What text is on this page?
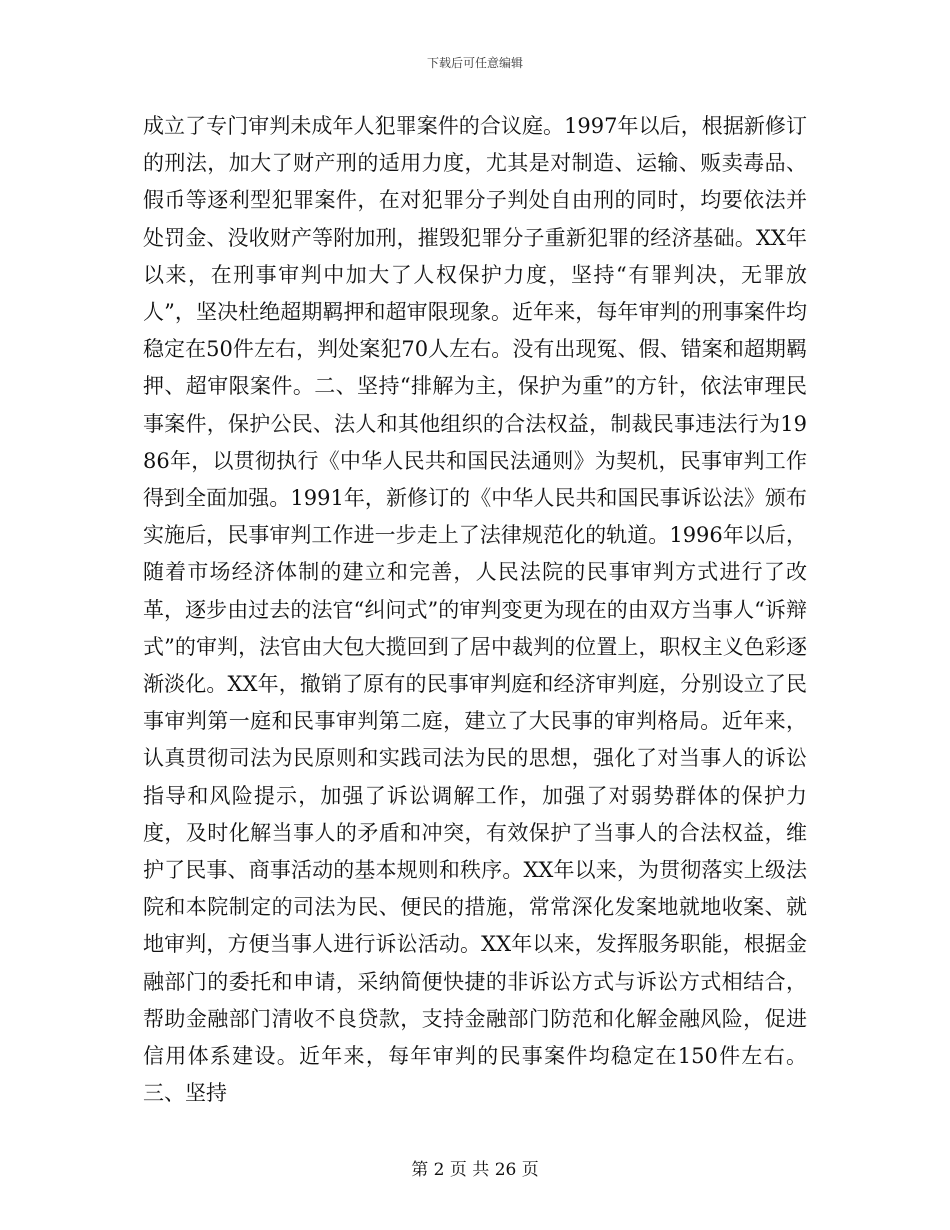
下载后可任意编辑

成立了专门审判未成年人犯罪案件的合议庭。1997年以后，根据新修订的刑法，加大了财产刑的适用力度，尤其是对制造、运输、贩卖毒品、假币等逐利型犯罪案件，在对犯罪分子判处自由刑的同时，均要依法并处罚金、没收财产等附加刑，摧毁犯罪分子重新犯罪的经济基础。XX年以来，在刑事审判中加大了人权保护力度，坚持“有罪判决，无罪放人”，坚决杜绝超期羁押和超审限现象。近年来，每年审判的刑事案件均稳定在50件左右，判处案犯70人左右。没有出现冤、假、错案和超期羁押、超审限案件。二、坚持“排解为主，保护为重”的方针，依法审理民事案件，保护公民、法人和其他组织的合法权益，制裁民事违法行为1986年，以贯彻执行《中华人民共和国民法通则》为契机，民事审判工作得到全面加强。1991年，新修订的《中华人民共和国民事诉讼法》颁布实施后，民事审判工作进一步走上了法律规范化的轨道。1996年以后，随着市场经济体制的建立和完善，人民法院的民事审判方式进行了改革，逐步由过去的法官“纠问式”的审判变更为现在的由双方当事人“诉辩式”的审判，法官由大包大揽回到了居中裁判的位置上，职权主义色彩逐渐淡化。XX年，撤销了原有的民事审判庭和经济审判庭，分别设立了民事审判第一庭和民事审判第二庭，建立了大民事的审判格局。近年来，认真贯彻司法为民原则和实践司法为民的思想，强化了对当事人的诉讼指导和风险提示，加强了诉讼调解工作，加强了对弱势群体的保护力度，及时化解当事人的矛盾和冲突，有效保护了当事人的合法权益，维护了民事、商事活动的基本规则和秩序。XX年以来，为贯彻落实上级法院和本院制定的司法为民、便民的措施，常常深化发案地就地收案、就地审判，方便当事人进行诉讼活动。XX年以来，发挥服务职能，根据金融部门的委托和申请，采纳简便快捷的非诉讼方式与诉讼方式相结合，帮助金融部门清收不良贷款，支持金融部门防范和化解金融风险，促进信用体系建设。近年来，每年审判的民事案件均稳定在150件左右。三、坚持

第 2 页 共 26 页
